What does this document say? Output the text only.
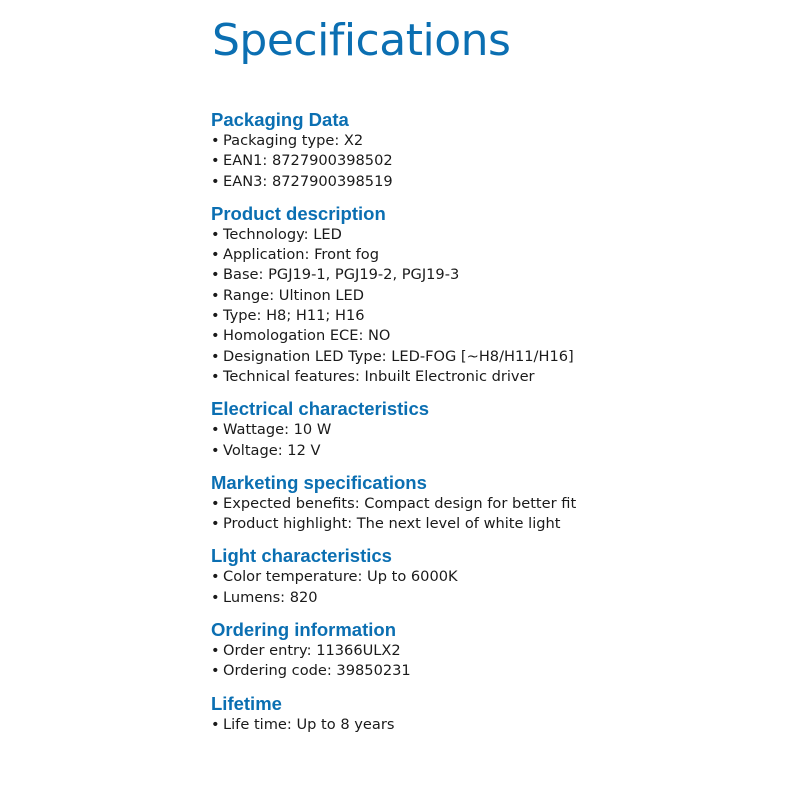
Specifications
Packaging Data
• Packaging type: X2
• EAN1: 8727900398502
• EAN3: 8727900398519
Product description
• Technology: LED
• Application: Front fog
• Base: PGJ19-1, PGJ19-2, PGJ19-3
• Range: Ultinon LED
• Type: H8; H11; H16
• Homologation ECE: NO
• Designation LED Type: LED-FOG [~H8/H11/H16]
• Technical features: Inbuilt Electronic driver
Electrical characteristics
• Wattage: 10 W
• Voltage: 12 V
Marketing specifications
• Expected benefits: Compact design for better fit
• Product highlight: The next level of white light
Light characteristics
• Color temperature: Up to 6000K
• Lumens: 820
Ordering information
• Order entry: 11366ULX2
• Ordering code: 39850231
Lifetime
• Life time: Up to 8 years
